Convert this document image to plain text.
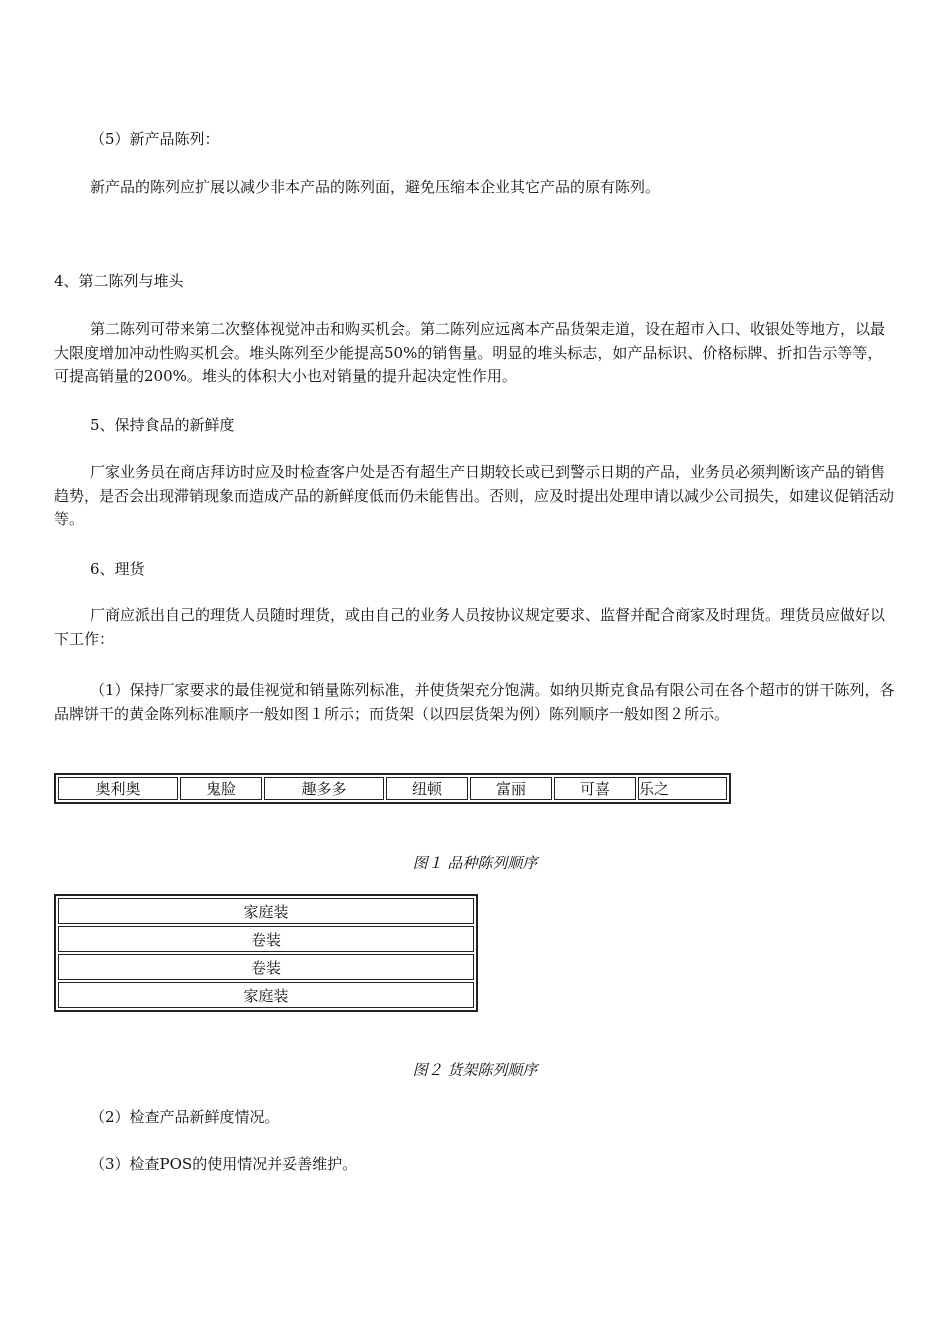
（5）新产品陈列：

新产品的陈列应扩展以减少非本产品的陈列面，避免压缩本企业其它产品的原有陈列。

4、第二陈列与堆头

第二陈列可带来第二次整体视觉冲击和购买机会。第二陈列应远离本产品货架走道，设在超市入口、收银处等地方，以最大限度增加冲动性购买机会。堆头陈列至少能提高50%的销售量。明显的堆头标志，如产品标识、价格标牌、折扣告示等等，可提高销量的200%。堆头的体积大小也对销量的提升起决定性作用。

5、保持食品的新鲜度

厂家业务员在商店拜访时应及时检查客户处是否有超生产日期较长或已到警示日期的产品，业务员必须判断该产品的销售趋势，是否会出现滞销现象而造成产品的新鲜度低而仍未能售出。否则，应及时提出处理申请以减少公司损失，如建议促销活动等。

6、理货

厂商应派出自己的理货人员随时理货，或由自己的业务人员按协议规定要求、监督并配合商家及时理货。理货员应做好以下工作：

（1）保持厂家要求的最佳视觉和销量陈列标准，并使货架充分饱满。如纳贝斯克食品有限公司在各个超市的饼干陈列，各品牌饼干的黄金陈列标准顺序一般如图１所示；而货架（以四层货架为例）陈列顺序一般如图２所示。

奥利奥	鬼脸	趣多多	纽顿	富丽	可喜	乐之
图１ 品种陈列顺序
家庭装
卷装
卷装
家庭装
图２ 货架陈列顺序

（2）检查产品新鲜度情况。

（3）检查POS的使用情况并妥善维护。
